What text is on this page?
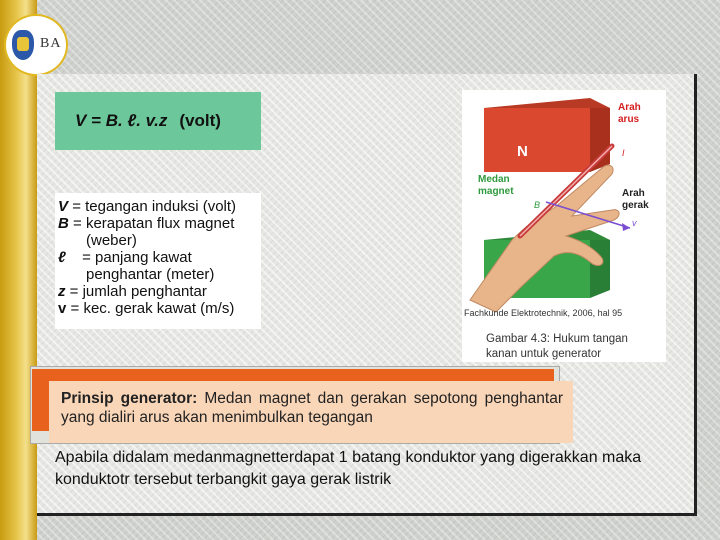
BA
V = B. ℓ. v.z (volt)
V = tegangan induksi (volt)
B = kerapatan flux magnet
(weber)
ℓ = panjang kawat
penghantar (meter)
z = jumlah penghantar
v = kec. gerak kawat (m/s)
N
Arah
arus
I
Medan
magnet
B
Arah
gerak
v
Fachkunde Elektrotechnik, 2006, hal 95
Gambar 4.3: Hukum tangan
kanan untuk generator
Prinsip generator: Medan magnet dan gerakan sepotong penghantar yang dialiri arus akan menimbulkan tegangan
Apabila didalam medanmagnetterdapat 1 batang konduktor yang digerakkan maka konduktotr tersebut terbangkit gaya gerak listrik
